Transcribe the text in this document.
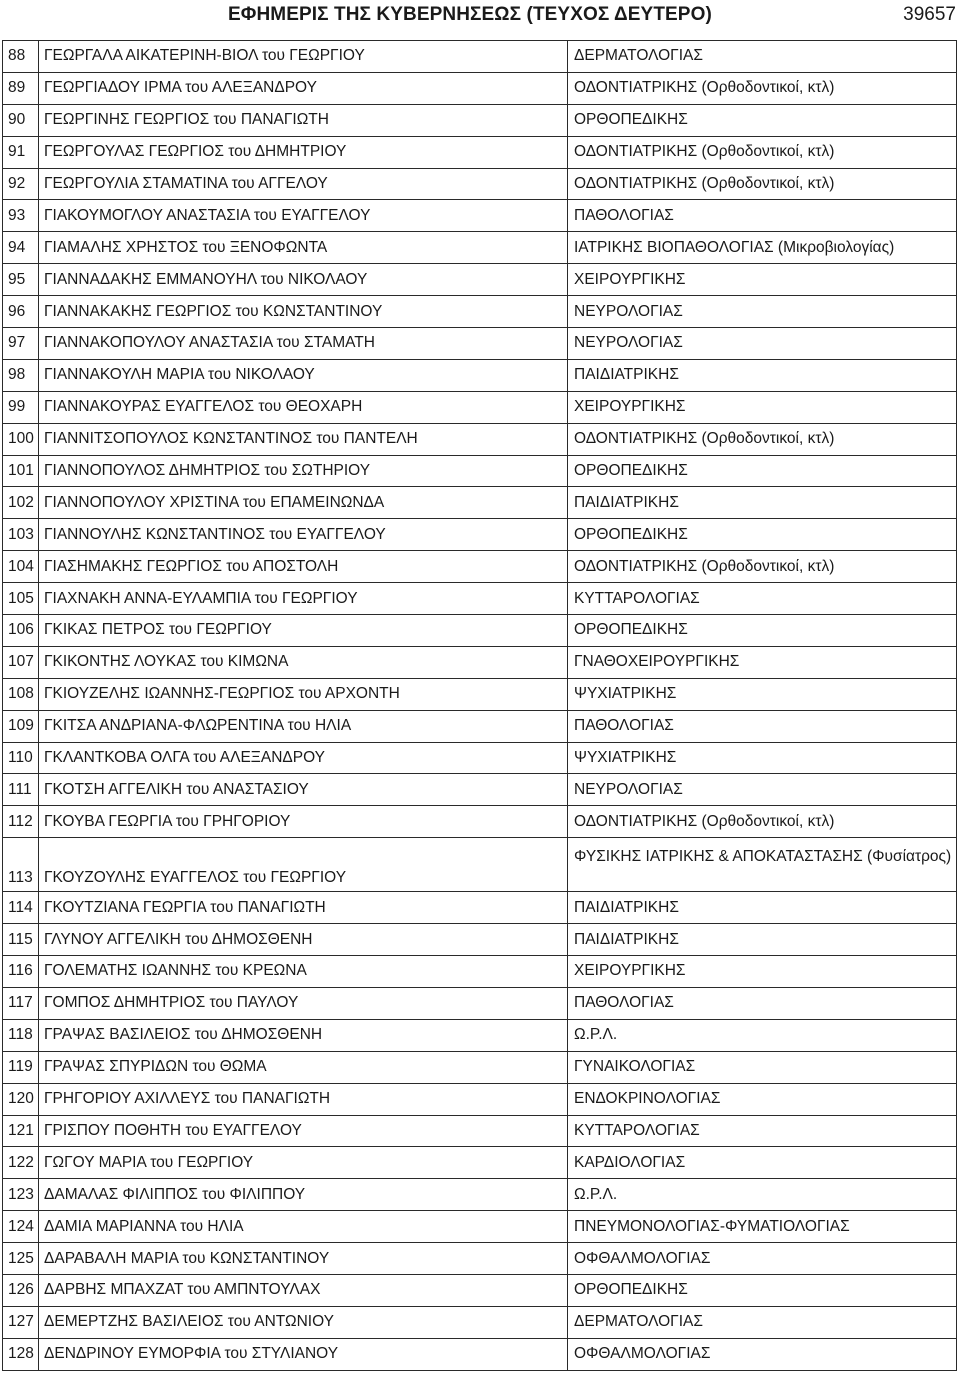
ΕΦΗΜΕΡΙΣ ΤΗΣ ΚΥΒΕΡΝΗΣΕΩΣ (ΤΕΥΧΟΣ ΔΕΥΤΕΡΟ)	39657
88	ΓΕΩΡΓΑΛΑ ΑΙΚΑΤΕΡΙΝΗ-ΒΙΟΛ του ΓΕΩΡΓΙΟΥ	ΔΕΡΜΑΤΟΛΟΓΙΑΣ
89	ΓΕΩΡΓΙΑΔΟΥ ΙΡΜΑ του ΑΛΕΞΑΝΔΡΟΥ	ΟΔΟΝΤΙΑΤΡΙΚΗΣ (Ορθοδοντικοί, κτλ)
90	ΓΕΩΡΓΙΝΗΣ ΓΕΩΡΓΙΟΣ του ΠΑΝΑΓΙΩΤΗ	ΟΡΘΟΠΕΔΙΚΗΣ
91	ΓΕΩΡΓΟΥΛΑΣ ΓΕΩΡΓΙΟΣ του ΔΗΜΗΤΡΙΟΥ	ΟΔΟΝΤΙΑΤΡΙΚΗΣ (Ορθοδοντικοί, κτλ)
92	ΓΕΩΡΓΟΥΛΙΑ ΣΤΑΜΑΤΙΝΑ του ΑΓΓΕΛΟΥ	ΟΔΟΝΤΙΑΤΡΙΚΗΣ (Ορθοδοντικοί, κτλ)
93	ΓΙΑΚΟΥΜΟΓΛΟΥ ΑΝΑΣΤΑΣΙΑ του ΕΥΑΓΓΕΛΟΥ	ΠΑΘΟΛΟΓΙΑΣ
94	ΓΙΑΜΑΛΗΣ ΧΡΗΣΤΟΣ του ΞΕΝΟΦΩΝΤΑ	ΙΑΤΡΙΚΗΣ ΒΙΟΠΑΘΟΛΟΓΙΑΣ (Μικροβιολογίας)
95	ΓΙΑΝΝΑΔΑΚΗΣ ΕΜΜΑΝΟΥΗΛ του ΝΙΚΟΛΑΟΥ	ΧΕΙΡΟΥΡΓΙΚΗΣ
96	ΓΙΑΝΝΑΚΑΚΗΣ ΓΕΩΡΓΙΟΣ του ΚΩΝΣΤΑΝΤΙΝΟΥ	ΝΕΥΡΟΛΟΓΙΑΣ
97	ΓΙΑΝΝΑΚΟΠΟΥΛΟΥ ΑΝΑΣΤΑΣΙΑ του ΣΤΑΜΑΤΗ	ΝΕΥΡΟΛΟΓΙΑΣ
98	ΓΙΑΝΝΑΚΟΥΛΗ ΜΑΡΙΑ του ΝΙΚΟΛΑΟΥ	ΠΑΙΔΙΑΤΡΙΚΗΣ
99	ΓΙΑΝΝΑΚΟΥΡΑΣ ΕΥΑΓΓΕΛΟΣ του ΘΕΟΧΑΡΗ	ΧΕΙΡΟΥΡΓΙΚΗΣ
100	ΓΙΑΝΝΙΤΣΟΠΟΥΛΟΣ ΚΩΝΣΤΑΝΤΙΝΟΣ του ΠΑΝΤΕΛΗ	ΟΔΟΝΤΙΑΤΡΙΚΗΣ (Ορθοδοντικοί, κτλ)
101	ΓΙΑΝΝΟΠΟΥΛΟΣ ΔΗΜΗΤΡΙΟΣ του ΣΩΤΗΡΙΟΥ	ΟΡΘΟΠΕΔΙΚΗΣ
102	ΓΙΑΝΝΟΠΟΥΛΟΥ ΧΡΙΣΤΙΝΑ του ΕΠΑΜΕΙΝΩΝΔΑ	ΠΑΙΔΙΑΤΡΙΚΗΣ
103	ΓΙΑΝΝΟΥΛΗΣ ΚΩΝΣΤΑΝΤΙΝΟΣ του ΕΥΑΓΓΕΛΟΥ	ΟΡΘΟΠΕΔΙΚΗΣ
104	ΓΙΑΣΗΜΑΚΗΣ ΓΕΩΡΓΙΟΣ του ΑΠΟΣΤΟΛΗ	ΟΔΟΝΤΙΑΤΡΙΚΗΣ (Ορθοδοντικοί, κτλ)
105	ΓΙΑΧΝΑΚΗ ΑΝΝΑ-ΕΥΛΑΜΠΙΑ του ΓΕΩΡΓΙΟΥ	ΚΥΤΤΑΡΟΛΟΓΙΑΣ
106	ΓΚΙΚΑΣ ΠΕΤΡΟΣ του ΓΕΩΡΓΙΟΥ	ΟΡΘΟΠΕΔΙΚΗΣ
107	ΓΚΙΚΟΝΤΗΣ ΛΟΥΚΑΣ του ΚΙΜΩΝΑ	ΓΝΑΘΟΧΕΙΡΟΥΡΓΙΚΗΣ
108	ΓΚΙΟΥΖΕΛΗΣ ΙΩΑΝΝΗΣ-ΓΕΩΡΓΙΟΣ του ΑΡΧΟΝΤΗ	ΨΥΧΙΑΤΡΙΚΗΣ
109	ΓΚΙΤΣΑ ΑΝΔΡΙΑΝΑ-ΦΛΩΡΕΝΤΙΝΑ του ΗΛΙΑ	ΠΑΘΟΛΟΓΙΑΣ
110	ΓΚΛΑΝΤΚΟΒΑ ΟΛΓΑ του ΑΛΕΞΑΝΔΡΟΥ	ΨΥΧΙΑΤΡΙΚΗΣ
111	ΓΚΟΤΣΗ ΑΓΓΕΛΙΚΗ του ΑΝΑΣΤΑΣΙΟΥ	ΝΕΥΡΟΛΟΓΙΑΣ
112	ΓΚΟΥΒΑ ΓΕΩΡΓΙΑ του ΓΡΗΓΟΡΙΟΥ	ΟΔΟΝΤΙΑΤΡΙΚΗΣ (Ορθοδοντικοί, κτλ)
113	ΓΚΟΥΖΟΥΛΗΣ ΕΥΑΓΓΕΛΟΣ του ΓΕΩΡΓΙΟΥ	ΦΥΣΙΚΗΣ ΙΑΤΡΙΚΗΣ & ΑΠΟΚΑΤΑΣΤΑΣΗΣ (Φυσίατρος)
114	ΓΚΟΥΤΖΙΑΝΑ ΓΕΩΡΓΙΑ του ΠΑΝΑΓΙΩΤΗ	ΠΑΙΔΙΑΤΡΙΚΗΣ
115	ΓΛΥΝΟΥ ΑΓΓΕΛΙΚΗ του ΔΗΜΟΣΘΕΝΗ	ΠΑΙΔΙΑΤΡΙΚΗΣ
116	ΓΟΛΕΜΑΤΗΣ ΙΩΑΝΝΗΣ του ΚΡΕΩΝΑ	ΧΕΙΡΟΥΡΓΙΚΗΣ
117	ΓΟΜΠΟΣ ΔΗΜΗΤΡΙΟΣ του ΠΑΥΛΟΥ	ΠΑΘΟΛΟΓΙΑΣ
118	ΓΡΑΨΑΣ ΒΑΣΙΛΕΙΟΣ του ΔΗΜΟΣΘΕΝΗ	Ω.Ρ.Λ.
119	ΓΡΑΨΑΣ ΣΠΥΡΙΔΩΝ του ΘΩΜΑ	ΓΥΝΑΙΚΟΛΟΓΙΑΣ
120	ΓΡΗΓΟΡΙΟΥ ΑΧΙΛΛΕΥΣ του ΠΑΝΑΓΙΩΤΗ	ΕΝΔΟΚΡΙΝΟΛΟΓΙΑΣ
121	ΓΡΙΣΠΟΥ ΠΟΘΗΤΗ του ΕΥΑΓΓΕΛΟΥ	ΚΥΤΤΑΡΟΛΟΓΙΑΣ
122	ΓΩΓΟΥ ΜΑΡΙΑ του ΓΕΩΡΓΙΟΥ	ΚΑΡΔΙΟΛΟΓΙΑΣ
123	ΔΑΜΑΛΑΣ ΦΙΛΙΠΠΟΣ του ΦΙΛΙΠΠΟΥ	Ω.Ρ.Λ.
124	ΔΑΜΙΑ ΜΑΡΙΑΝΝΑ του ΗΛΙΑ	ΠΝΕΥΜΟΝΟΛΟΓΙΑΣ-ΦΥΜΑΤΙΟΛΟΓΙΑΣ
125	ΔΑΡΑΒΑΛΗ ΜΑΡΙΑ του ΚΩΝΣΤΑΝΤΙΝΟΥ	ΟΦΘΑΛΜΟΛΟΓΙΑΣ
126	ΔΑΡΒΗΣ ΜΠΑΧΖΑΤ του ΑΜΠΝΤΟΥΛΑΧ	ΟΡΘΟΠΕΔΙΚΗΣ
127	ΔΕΜΕΡΤΖΗΣ ΒΑΣΙΛΕΙΟΣ του ΑΝΤΩΝΙΟΥ	ΔΕΡΜΑΤΟΛΟΓΙΑΣ
128	ΔΕΝΔΡΙΝΟΥ ΕΥΜΟΡΦΙΑ του ΣΤΥΛΙΑΝΟΥ	ΟΦΘΑΛΜΟΛΟΓΙΑΣ
